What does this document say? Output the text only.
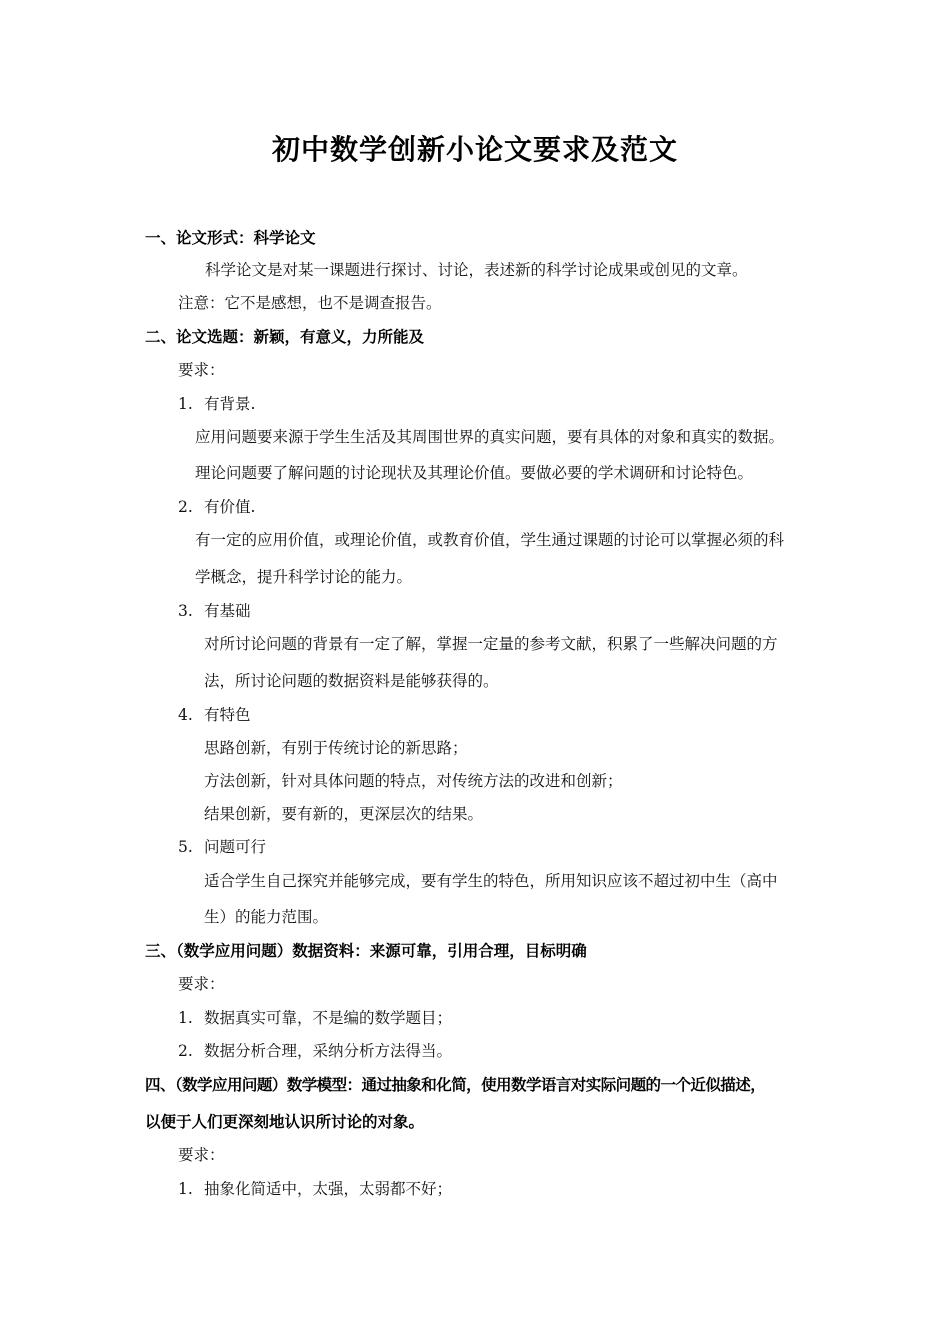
初中数学创新小论文要求及范文
一、论文形式：科学论文
科学论文是对某一课题进行探讨、讨论，表述新的科学讨论成果或创见的文章。
注意：它不是感想，也不是调查报告。
二、论文选题：新颖，有意义，力所能及
要求：
1. 有背景.
应用问题要来源于学生生活及其周围世界的真实问题，要有具体的对象和真实的数据。
理论问题要了解问题的讨论现状及其理论价值。要做必要的学术调研和讨论特色。
2. 有价值.
有一定的应用价值，或理论价值，或教育价值，学生通过课题的讨论可以掌握必须的科
学概念，提升科学讨论的能力。
3. 有基础
对所讨论问题的背景有一定了解，掌握一定量的参考文献，积累了一些解决问题的方
法，所讨论问题的数据资料是能够获得的。
4. 有特色
思路创新，有别于传统讨论的新思路；
方法创新，针对具体问题的特点，对传统方法的改进和创新；
结果创新，要有新的，更深层次的结果。
5. 问题可行
适合学生自己探究并能够完成，要有学生的特色，所用知识应该不超过初中生（高中
生）的能力范围。
三、（数学应用问题）数据资料：来源可靠，引用合理，目标明确
要求：
1. 数据真实可靠，不是编的数学题目；
2. 数据分析合理，采纳分析方法得当。
四、（数学应用问题）数学模型：通过抽象和化简，使用数学语言对实际问题的一个近似描述，
以便于人们更深刻地认识所讨论的对象。
要求：
1. 抽象化简适中，太强，太弱都不好；
